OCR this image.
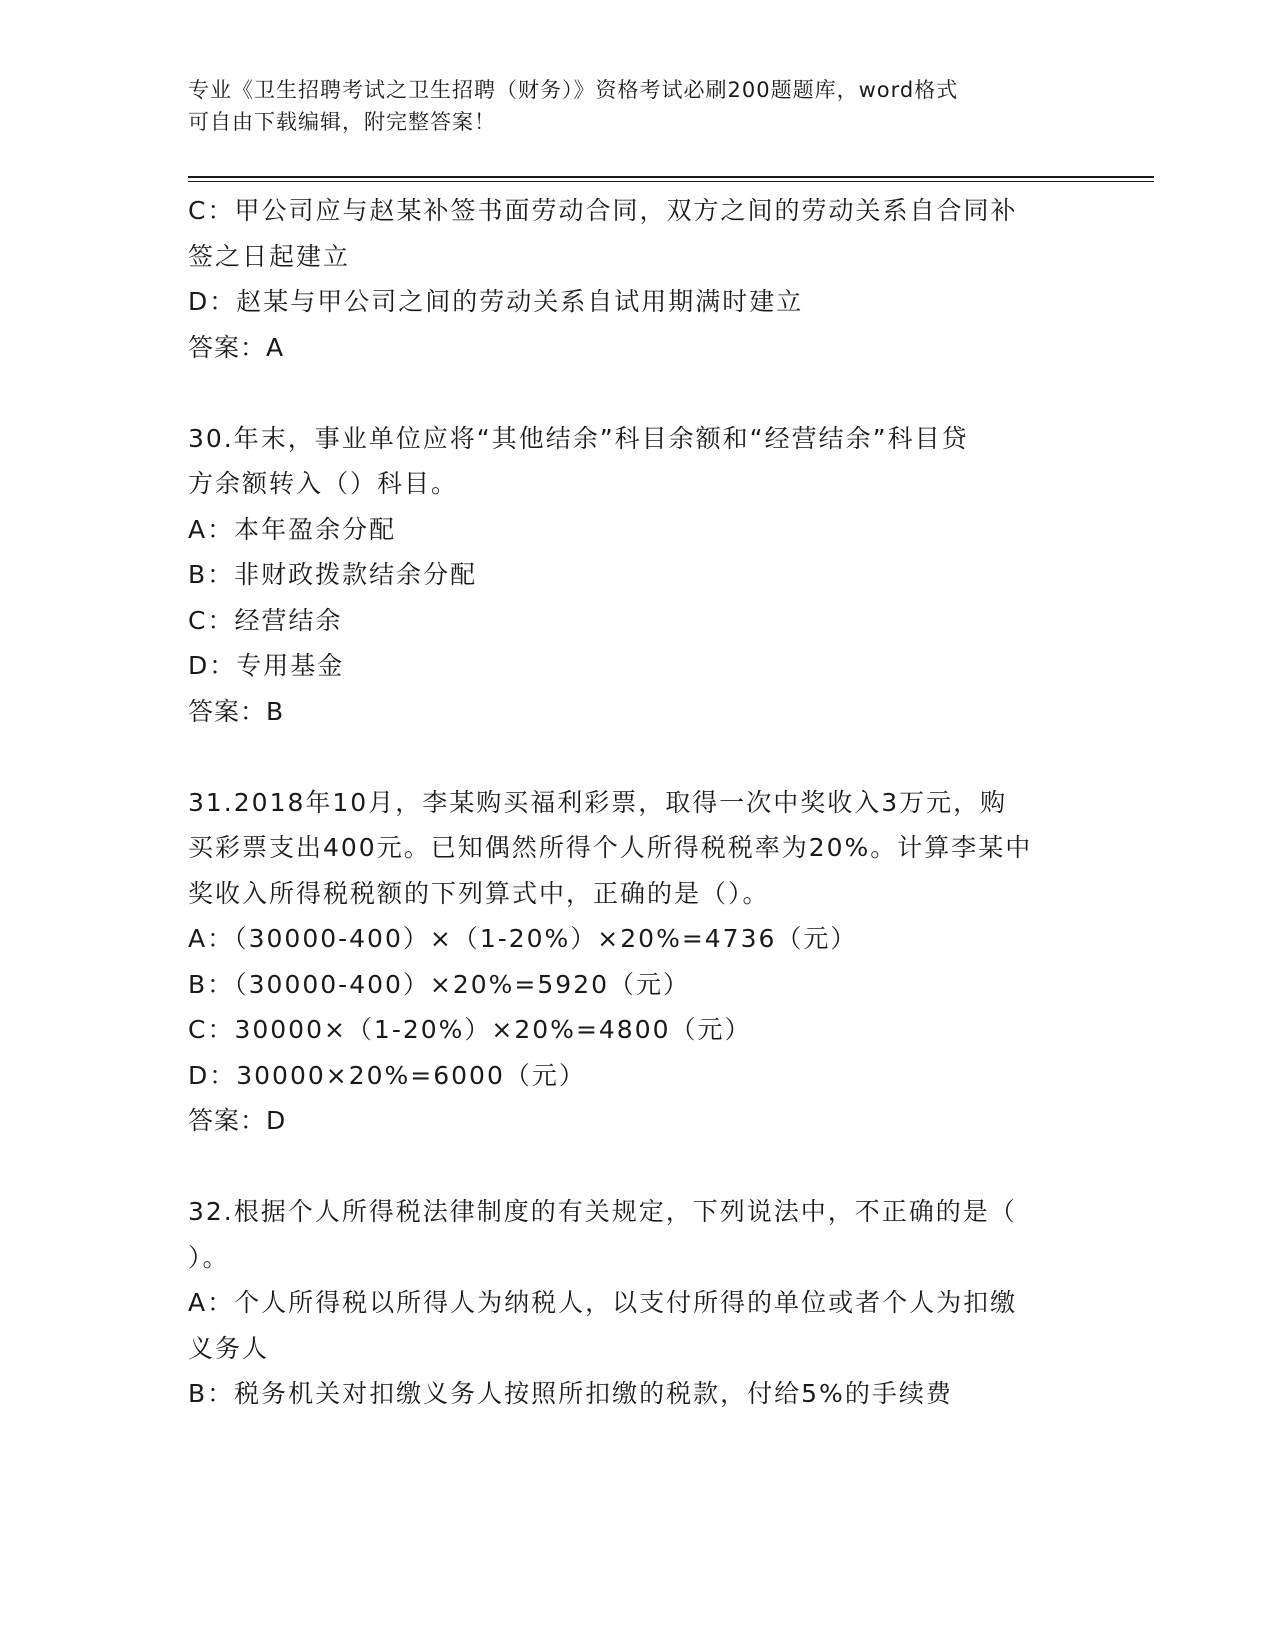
专业《卫生招聘考试之卫生招聘（财务）》资格考试必刷200题题库，word格式
可自由下载编辑，附完整答案！
C：甲公司应与赵某补签书面劳动合同，双方之间的劳动关系自合同补
签之日起建立
D：赵某与甲公司之间的劳动关系自试用期满时建立
答案：A
30.年末，事业单位应将“其他结余”科目余额和“经营结余”科目贷
方余额转入（）科目。
A：本年盈余分配
B：非财政拨款结余分配
C：经营结余
D：专用基金
答案：B
31.2018年10月，李某购买福利彩票，取得一次中奖收入3万元，购
买彩票支出400元。已知偶然所得个人所得税税率为20%。计算李某中
奖收入所得税税额的下列算式中，正确的是（）。
A：（30000-400）×（1-20%）×20%=4736（元）
B：（30000-400）×20%=5920（元）
C：30000×（1-20%）×20%=4800（元）
D：30000×20%=6000（元）
答案：D
32.根据个人所得税法律制度的有关规定，下列说法中，不正确的是（
）。
A：个人所得税以所得人为纳税人，以支付所得的单位或者个人为扣缴
义务人
B：税务机关对扣缴义务人按照所扣缴的税款，付给5%的手续费
